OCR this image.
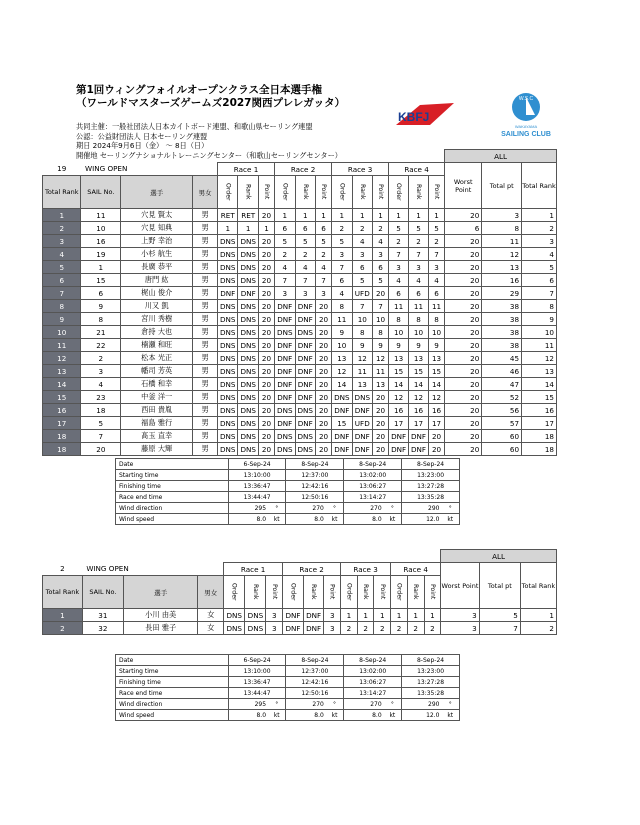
第1回ウィングフォイルオープンクラス全日本選手権
（ワールドマスターズゲームズ2027関西プレレガッタ）
共同主催：一般社団法人日本カイトボード連盟、和歌山県セーリング連盟
公認：公益財団法人 日本セーリング連盟
期日 2024年9月6日（金） ～ 8日（日）
開催地 セーリングナショナルトレーニングセンター（和歌山セーリングセンター）
KBFJ
W.S.C
WAKAYAMA
SAILING CLUB
																ALL		
19	WING OPEN			Race 1			Race 2			Race 3			Race 4			Worst Point	Total pt	Total Rank
Total Rank	SAIL No.	選手	男女	Order	Rank	Point	Order	Rank	Point	Order	Rank	Point	Order	Rank	Point			
1	11	穴見 賢太	男	RET	RET	20	1	1	1	1	1	1	1	1	1	20	3	1
2	10	穴見 知典	男	1	1	1	6	6	6	2	2	2	5	5	5	6	8	2
3	16	上野 幸治	男	DNS	DNS	20	5	5	5	5	4	4	2	2	2	20	11	3
4	19	小杉 航生	男	DNS	DNS	20	2	2	2	3	3	3	7	7	7	20	12	4
5	1	長廣 恭平	男	DNS	DNS	20	4	4	4	7	6	6	3	3	3	20	13	5
6	15	唐門 紘	男	DNS	DNS	20	7	7	7	6	5	5	4	4	4	20	16	6
7	6	梶山 俊介	男	DNF	DNF	20	3	3	3	4	UFD	20	6	6	6	20	29	7
8	9	川又 凱	男	DNS	DNS	20	DNF	DNF	20	8	7	7	11	11	11	20	38	8
9	8	宮川 秀樹	男	DNS	DNS	20	DNF	DNF	20	11	10	10	8	8	8	20	38	9
10	21	倉持 大也	男	DNS	DNS	20	DNS	DNS	20	9	8	8	10	10	10	20	38	10
11	22	楠瀬 和旺	男	DNS	DNS	20	DNF	DNF	20	10	9	9	9	9	9	20	38	11
12	2	松本 光正	男	DNS	DNS	20	DNF	DNF	20	13	12	12	13	13	13	20	45	12
13	3	幡司 芳英	男	DNS	DNS	20	DNF	DNF	20	12	11	11	15	15	15	20	46	13
14	4	石橋 和幸	男	DNS	DNS	20	DNF	DNF	20	14	13	13	14	14	14	20	47	14
15	23	中釜 洋一	男	DNS	DNS	20	DNF	DNF	20	DNS	DNS	20	12	12	12	20	52	15
16	18	西田 貴胤	男	DNS	DNS	20	DNS	DNS	20	DNF	DNF	20	16	16	16	20	56	16
17	5	福島 雅行	男	DNS	DNS	20	DNF	DNF	20	15	UFD	20	17	17	17	20	57	17
18	7	髙玉 直幸	男	DNS	DNS	20	DNS	DNS	20	DNF	DNF	20	DNF	DNF	20	20	60	18
18	20	藤原 大輝	男	DNS	DNS	20	DNS	DNS	20	DNF	DNF	20	DNF	DNF	20	20	60	18
Date	6-Sep-24		8-Sep-24		8-Sep-24		8-Sep-24	
Starting time	13:10:00		12:37:00		13:02:00		13:23:00	
Finishing time	13:36:47		12:42:16		13:06:27		13:27:28	
Race end time	13:44:47		12:50:16		13:14:27		13:35:28	
Wind direction	295	°	270	°	270	°	290	°
Wind speed	8.0	kt	8.0	kt	8.0	kt	12.0	kt
																ALL		
2	WING OPEN			Race 1			Race 2			Race 3			Race 4			Worst Point	Total pt	Total Rank
Total Rank	SAIL No.	選手	男女	Order	Rank	Point	Order	Rank	Point	Order	Rank	Point	Order	Rank	Point			
1	31	小川 由美	女	DNS	DNS	3	DNF	DNF	3	1	1	1	1	1	1	3	5	1
2	32	長田 雅子	女	DNS	DNS	3	DNF	DNF	3	2	2	2	2	2	2	3	7	2
Date	6-Sep-24		8-Sep-24		8-Sep-24		8-Sep-24	
Starting time	13:10:00		12:37:00		13:02:00		13:23:00	
Finishing time	13:36:47		12:42:16		13:06:27		13:27:28	
Race end time	13:44:47		12:50:16		13:14:27		13:35:28	
Wind direction	295	°	270	°	270	°	290	°
Wind speed	8.0	kt	8.0	kt	8.0	kt	12.0	kt
